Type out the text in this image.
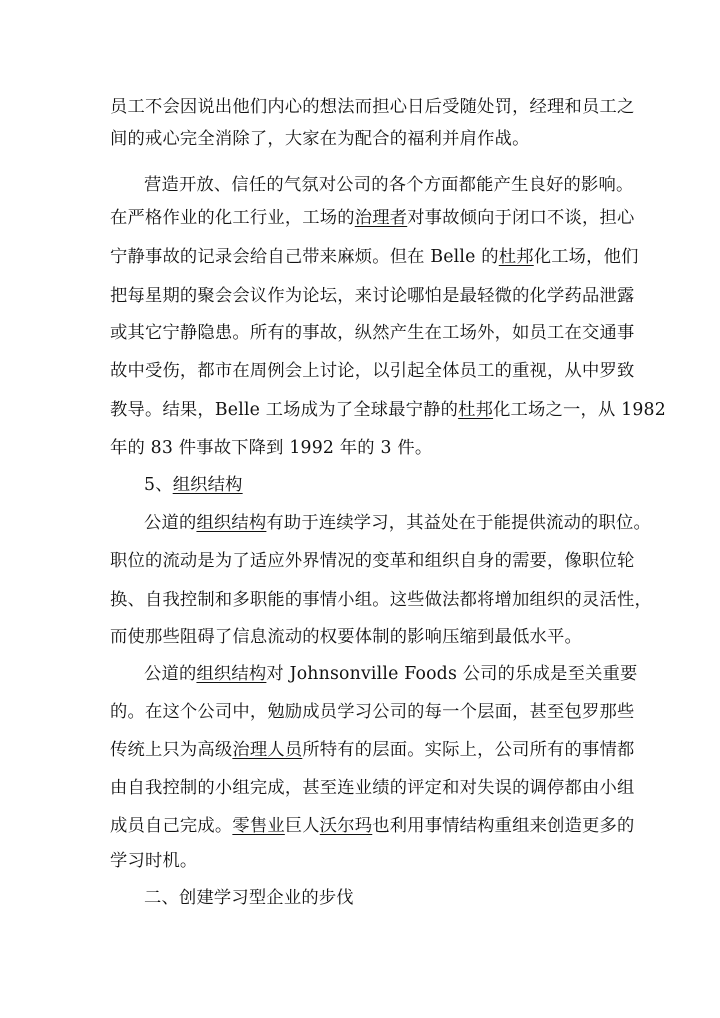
员工不会因说出他们内心的想法而担心日后受随处罚，经理和员工之
间的戒心完全消除了，大家在为配合的福利并肩作战。
营造开放、信任的气氛对公司的各个方面都能产生良好的影响。
在严格作业的化工行业，工场的治理者对事故倾向于闭口不谈，担心
宁静事故的记录会给自己带来麻烦。但在 Belle 的杜邦化工场，他们
把每星期的聚会会议作为论坛，来讨论哪怕是最轻微的化学药品泄露
或其它宁静隐患。所有的事故，纵然产生在工场外，如员工在交通事
故中受伤，都市在周例会上讨论，以引起全体员工的重视，从中罗致
教导。结果，Belle 工场成为了全球最宁静的杜邦化工场之一，从 1982
年的 83 件事故下降到 1992 年的 3 件。
5、组织结构
公道的组织结构有助于连续学习，其益处在于能提供流动的职位。
职位的流动是为了适应外界情况的变革和组织自身的需要，像职位轮
换、自我控制和多职能的事情小组。这些做法都将增加组织的灵活性，
而使那些阻碍了信息流动的权要体制的影响压缩到最低水平。
公道的组织结构对 Johnsonville Foods 公司的乐成是至关重要
的。在这个公司中，勉励成员学习公司的每一个层面，甚至包罗那些
传统上只为高级治理人员所特有的层面。实际上，公司所有的事情都
由自我控制的小组完成，甚至连业绩的评定和对失误的调停都由小组
成员自己完成。零售业巨人沃尔玛也利用事情结构重组来创造更多的
学习时机。
二、创建学习型企业的步伐
